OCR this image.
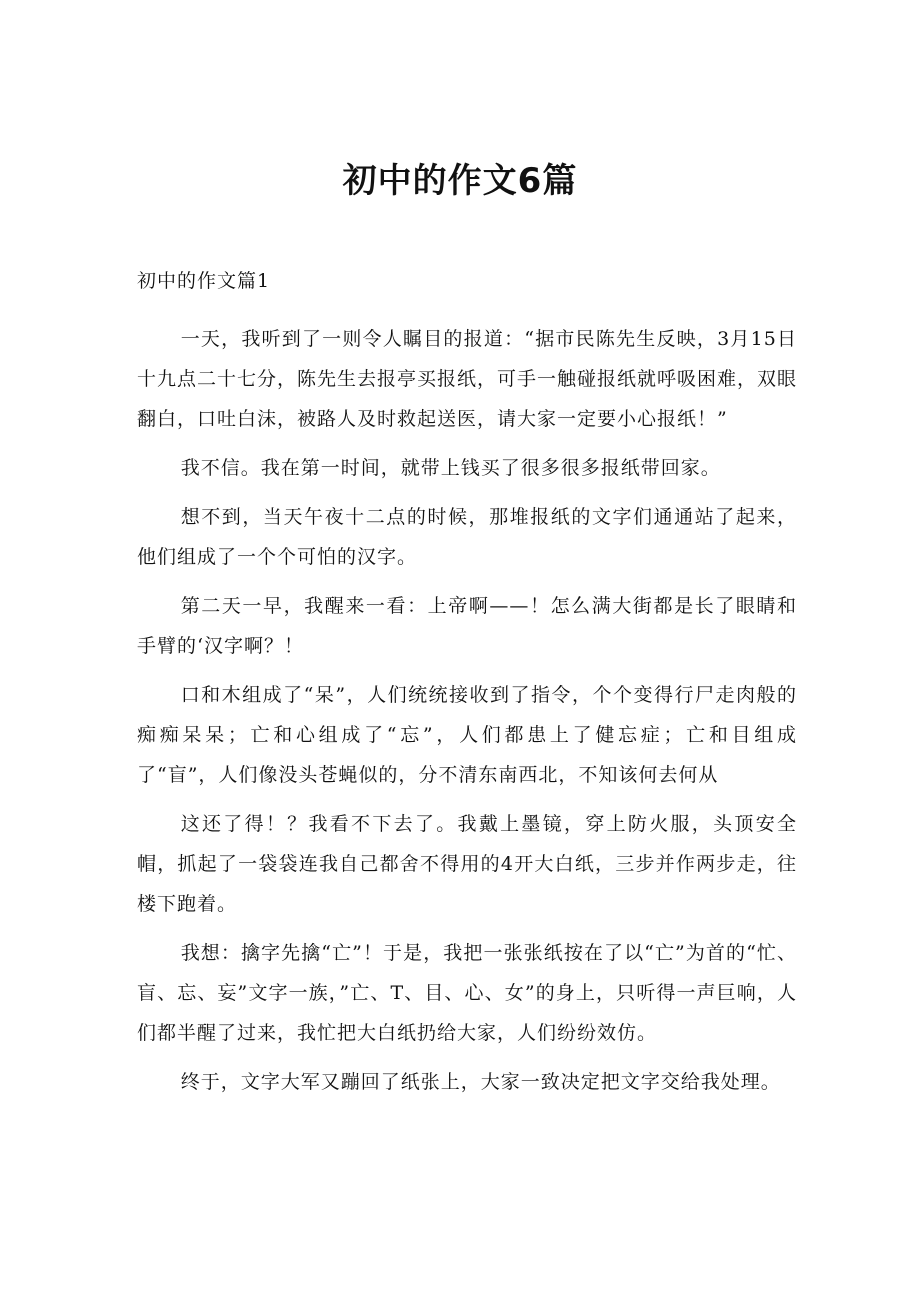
初中的作文6篇
初中的作文篇1

一天，我听到了一则令人瞩目的报道：“据市民陈先生反映，3月15日十九点二十七分，陈先生去报亭买报纸，可手一触碰报纸就呼吸困难，双眼翻白，口吐白沫，被路人及时救起送医，请大家一定要小心报纸！”

我不信。我在第一时间，就带上钱买了很多很多报纸带回家。

想不到，当天午夜十二点的时候，那堆报纸的文字们通通站了起来，他们组成了一个个可怕的汉字。

第二天一早，我醒来一看：上帝啊——！怎么满大街都是长了眼睛和手臂的‘汉字啊？！

口和木组成了“呆”，人们统统接收到了指令，个个变得行尸走肉般的痴痴呆呆；亡和心组成了“忘”，人们都患上了健忘症；亡和目组成了“盲”，人们像没头苍蝇似的，分不清东南西北，不知该何去何从

这还了得！？我看不下去了。我戴上墨镜，穿上防火服，头顶安全帽，抓起了一袋袋连我自己都舍不得用的4开大白纸，三步并作两步走，往楼下跑着。

我想：擒字先擒“亡”！于是，我把一张张纸按在了以“亡”为首的“忙、盲、忘、妄”文字一族，”亡、T、目、心、女”的身上，只听得一声巨响，人们都半醒了过来，我忙把大白纸扔给大家，人们纷纷效仿。

终于，文字大军又蹦回了纸张上，大家一致决定把文字交给我处理。
